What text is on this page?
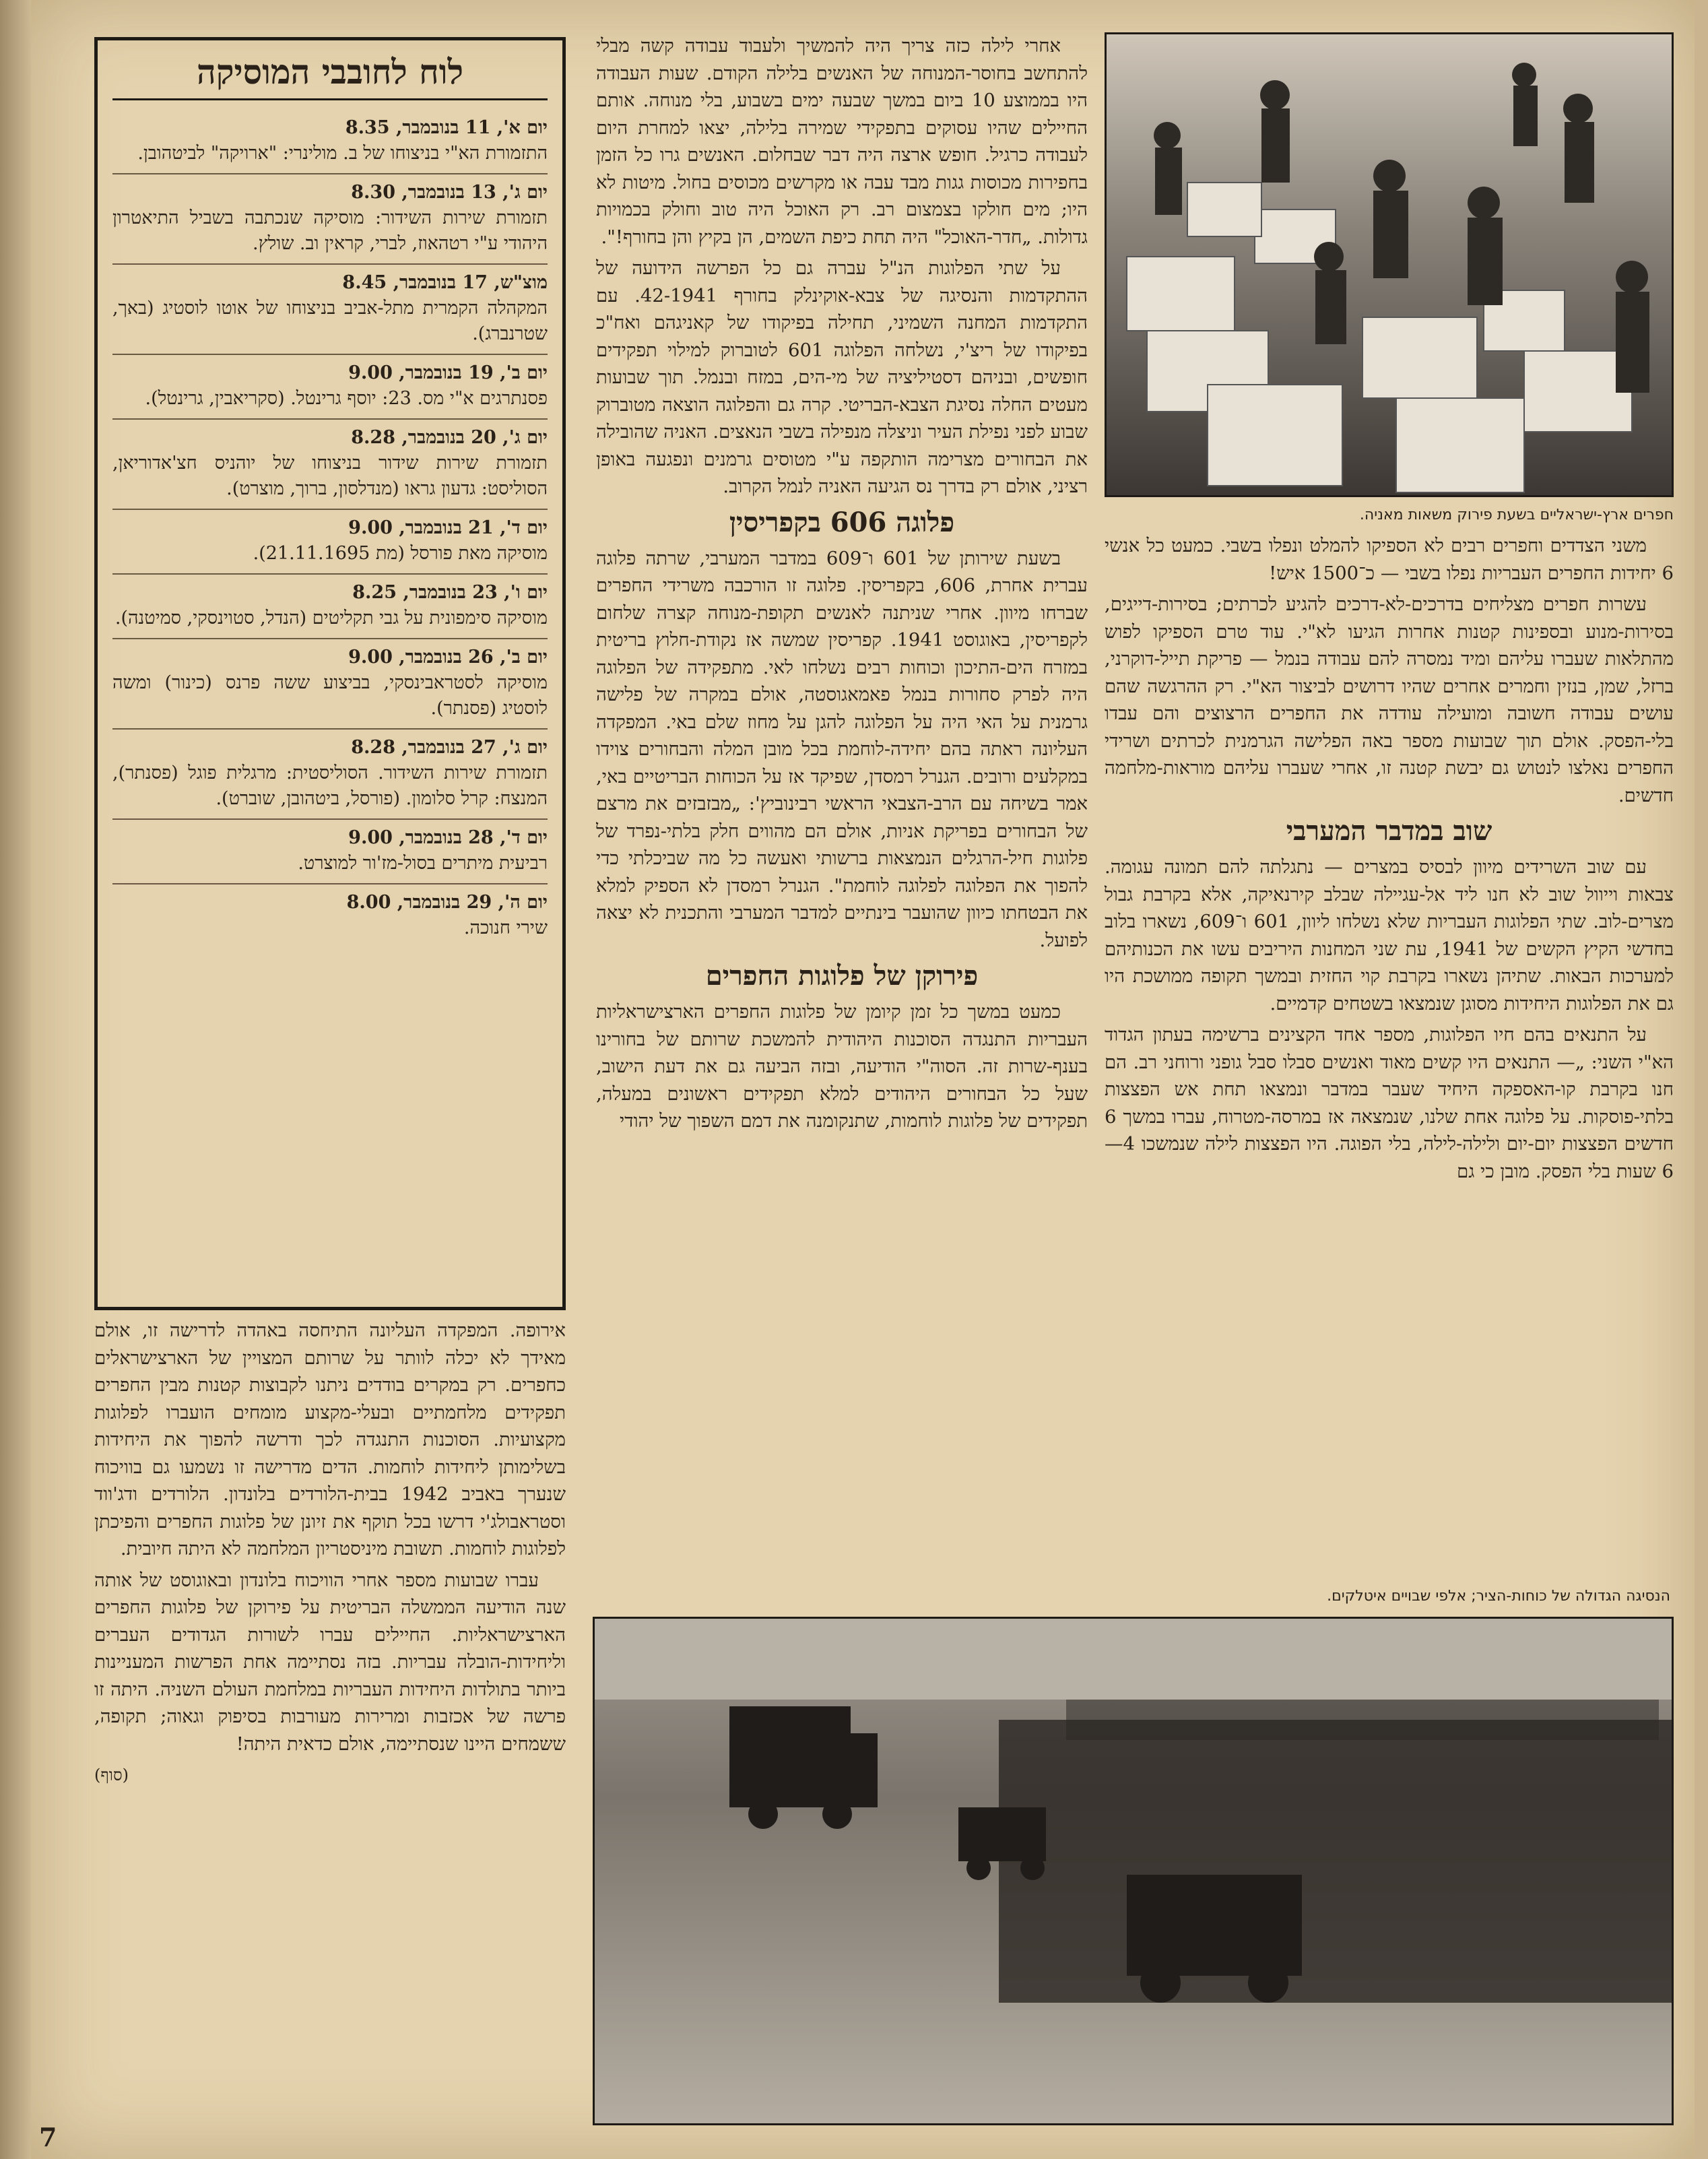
לוח לחובבי המוסיקה
יום א', 11 בנובמבר, 8.35
התזמורת הא"י בניצוחו של ב. מולינרי: "ארויקה" לביטהובן.
יום ג', 13 בנובמבר, 8.30
תזמורת שירות השידור: מוסיקה שנכתבה בשביל התיאטרון היהודי ע"י רטהאוז, לברי, קראין וב. שולץ.
מוצ"ש, 17 בנובמבר, 8.45
המקהלה הקמרית מתל-אביב בניצוחו של אוטו לוסטיג (באך, שטרנברג).
יום ב', 19 בנובמבר, 9.00
פסנתרגים א"י מס. 23: יוסף גרינטל. (סקריאבין, גרינטל).
יום ג', 20 בנובמבר, 8.28
תזמורת שירות שידור בניצוחו של יוהניס חצ'אדוריאן, הסוליסט: גדעון גראו (מנדלסון, ברוך, מוצרט).
יום ד', 21 בנובמבר, 9.00
מוסיקה מאת פורסל (מת 21.11.1695).
יום ו', 23 בנובמבר, 8.25
מוסיקה סימפונית על גבי תקליטים (הנדל, סטוינסקי, סמיטנה).
יום ב', 26 בנובמבר, 9.00
מוסיקה לסטראבינסקי, בביצוע ששה פרנס (כינור) ומשה לוסטיג (פסנתר).
יום ג', 27 בנובמבר, 8.28
תזמורת שירות השידור. הסוליסטית: מרגלית פוגל (פסנתר), המנצח: קרל סלומון. (פורסל, ביטהובן, שוברט).
יום ד', 28 בנובמבר, 9.00
רביעית מיתרים בסול-מז'ור למוצרט.
יום ה', 29 בנובמבר, 8.00
שירי חנוכה.
חפרים ארץ-ישראליים בשעת פירוק משאות מאניה.

משני הצדדים וחפרים רבים לא הספיקו להמלט ונפלו בשבי. כמעט כל אנשי 6 יחידות החפרים העבריות נפלו בשבי — כ־1500 איש!

עשרות חפרים מצליחים בדרכים-לא-דרכים להגיע לכרתים; בסירות-דייגים, בסירות-מנוע ובספינות קטנות אחרות הגיעו לא"י. עוד טרם הספיקו לפוש מהתלאות שעברו עליהם ומיד נמסרה להם עבודה בנמל — פריקת תייל-דוקרני, ברזל, שמן, בנזין וחמרים אחרים שהיו דרושים לביצור הא"י. רק ההרגשה שהם עושים עבודה חשובה ומועילה עודדה את החפרים הרצוצים והם עבדו בלי-הפסק. אולם תוך שבועות מספר באה הפלישה הגרמנית לכרתים ושרידי החפרים נאלצו לנטוש גם יבשת קטנה זו, אחרי שעברו עליהם מוראות-מלחמה חדשים.

שוב במדבר המערבי

עם שוב השרידים מיוון לבסיס במצרים — נתגלתה להם תמונה עגומה. צבאות וייוול שוב לא חנו ליד אל-עגיילה שבלב קירנאיקה, אלא בקרבת גבול מצרים-לוב. שתי הפלוגות העבריות שלא נשלחו ליוון, 601 ו־609, נשארו בלוב בחדשי הקיץ הקשים של 1941, עת שני המחנות היריבים עשו את הכנותיהם למערכות הבאות. שתיהן נשארו בקרבת קוי החזית ובמשך תקופה ממושכת היו גם את הפלוגות היחידות מסוגן שנמצאו בשטחים קדמיים.

על התנאים בהם חיו הפלוגות, מספר אחד הקצינים ברשימה בעתון הגדוד הא"י השני: „— התנאים היו קשים מאוד ואנשים סבלו סבל גופני ורוחני רב. הם חנו בקרבת קו-האספקה היחיד שעבר במדבר ונמצאו תחת אש הפצצות בלתי-פוסקות. על פלוגה אחת שלנו, שנמצאה אז במרסה-מטרוח, עברו במשך 6 חדשים הפצצות יום-יום ולילה-לילה, בלי הפוגה. היו הפצצות לילה שנמשכו 4—6 שעות בלי הפסק. מובן כי גם

אחרי לילה כזה צריך היה להמשיך ולעבוד עבודה קשה מבלי להתחשב בחוסר-המנוחה של האנשים בלילה הקודם. שעות העבודה היו בממוצע 10 ביום במשך שבעה ימים בשבוע, בלי מנוחה. אותם החיילים שהיו עסוקים בתפקידי שמירה בלילה, יצאו למחרת היום לעבודה כרגיל. חופש ארצה היה דבר שבחלום. האנשים גרו כל הזמן בחפירות מכוסות גגות מבד עבה או מקרשים מכוסים בחול. מיטות לא היו; מים חולקו בצמצום רב. רק האוכל היה טוב וחולק בכמויות גדולות. „חדר-האוכל" היה תחת כיפת השמים, הן בקיץ והן בחורף!".

על שתי הפלוגות הנ"ל עברה גם כל הפרשה הידועה של ההתקדמות והנסיגה של צבא-אוקינלק בחורף 42-1941. עם התקדמות המחנה השמיני, תחילה בפיקודו של קאניגהם ואח"כ בפיקודו של ריצ'י, נשלחה הפלוגה 601 לטוברוק למילוי תפקידים חופשים, ובניהם דסטיליציה של מי-הים, במזח ובנמל. תוך שבועות מעטים החלה נסיגת הצבא-הבריטי. קרה גם והפלוגה הוצאה מטוברוק שבוע לפני נפילת העיר וניצלה מנפילה בשבי הנאצים. האניה שהובילה את הבחורים מצרימה הותקפה ע"י מטוסים גרמנים ונפגעה באופן רציני, אולם רק בדרך נס הגיעה האניה לנמל הקרוב.

פלוגה 606 בקפריסין

בשעת שירותן של 601 ו־609 במדבר המערבי, שרתה פלוגה עברית אחרת, 606, בקפריסין. פלוגה זו הורכבה משרידי החפרים שברחו מיוון. אחרי שניתנה לאנשים תקופת-מנוחה קצרה שלחום לקפריסין, באוגוסט 1941. קפריסין שמשה אז נקודת-חלוץ בריטית במזרח הים-התיכון וכוחות רבים נשלחו לאי. מתפקידה של הפלוגה היה לפרק סחורות בנמל פאמאגוסטה, אולם במקרה של פלישה גרמנית על האי היה על הפלוגה להגן על מחוז שלם באי. המפקדה העליונה ראתה בהם יחידה-לוחמת בכל מובן המלה והבחורים צוידו במקלעים ורובים. הגנרל רמסדן, שפיקד אז על הכוחות הבריטיים באי, אמר בשיחה עם הרב-הצבאי הראשי רבינוביץ': „מבזבזים את מרצם של הבחורים בפריקת אניות, אולם הם מהווים חלק בלתי-נפרד של פלוגות חיל-הרגלים הנמצאות ברשותי ואעשה כל מה שביכלתי כדי להפוך את הפלוגה לפלוגה לוחמת". הגנרל רמסדן לא הספיק למלא את הבטחתו כיוון שהועבר בינתיים למדבר המערבי והתכנית לא יצאה לפועל.

פירוקן של פלוגות החפרים

כמעט במשך כל זמן קיומן של פלוגות החפרים הארצישראליות העבריות התנגדה הסוכנות היהודית להמשכת שרותם של בחורינו בענף-שרות זה. הסוה"י הודיעה, ובזה הביעה גם את דעת הישוב, שעל כל הבחורים היהודים למלא תפקידים ראשונים במעלה, תפקידים של פלוגות לוחמות, שתנקומנה את דמם השפוך של יהודי

הנסיגה הגדולה של כוחות-הציר; אלפי שבויים איטלקים.

אירופה. המפקדה העליונה התיחסה באהדה לדרישה זו, אולם מאידך לא יכלה לוותר על שרותם המצויין של הארצישראלים כחפרים. רק במקרים בודדים ניתנו לקבוצות קטנות מבין החפרים תפקידים מלחמתיים ובעלי-מקצוע מומחים הועברו לפלוגות מקצועיות. הסוכנות התנגדה לכך ודרשה להפוך את היחידות בשלימותן ליחידות לוחמות. הדים מדרישה זו נשמעו גם בוויכוח שנערך באביב 1942 בבית-הלורדים בלונדון. הלורדים ודג'ווד וסטראבולג'י דרשו בכל תוקף את זיונן של פלוגות החפרים והפיכתן לפלוגות לוחמות. תשובת מיניסטריון המלחמה לא היתה חיובית.

עברו שבועות מספר אחרי הוויכוח בלונדון ובאוגוסט של אותה שנה הודיעה הממשלה הבריטית על פירוקן של פלוגות החפרים הארצישראליות. החיילים עברו לשורות הגדודים העברים וליחידות-הובלה עבריות. בזה נסתיימה אחת הפרשות המעניינות ביותר בתולדות היחידות העבריות במלחמת העולם השניה. היתה זו פרשה של אכזבות ומרירות מעורבות בסיפוק וגאוה; תקופה, ששמחים היינו שנסתיימה, אולם כדאית היתה!

(סוף)
7
